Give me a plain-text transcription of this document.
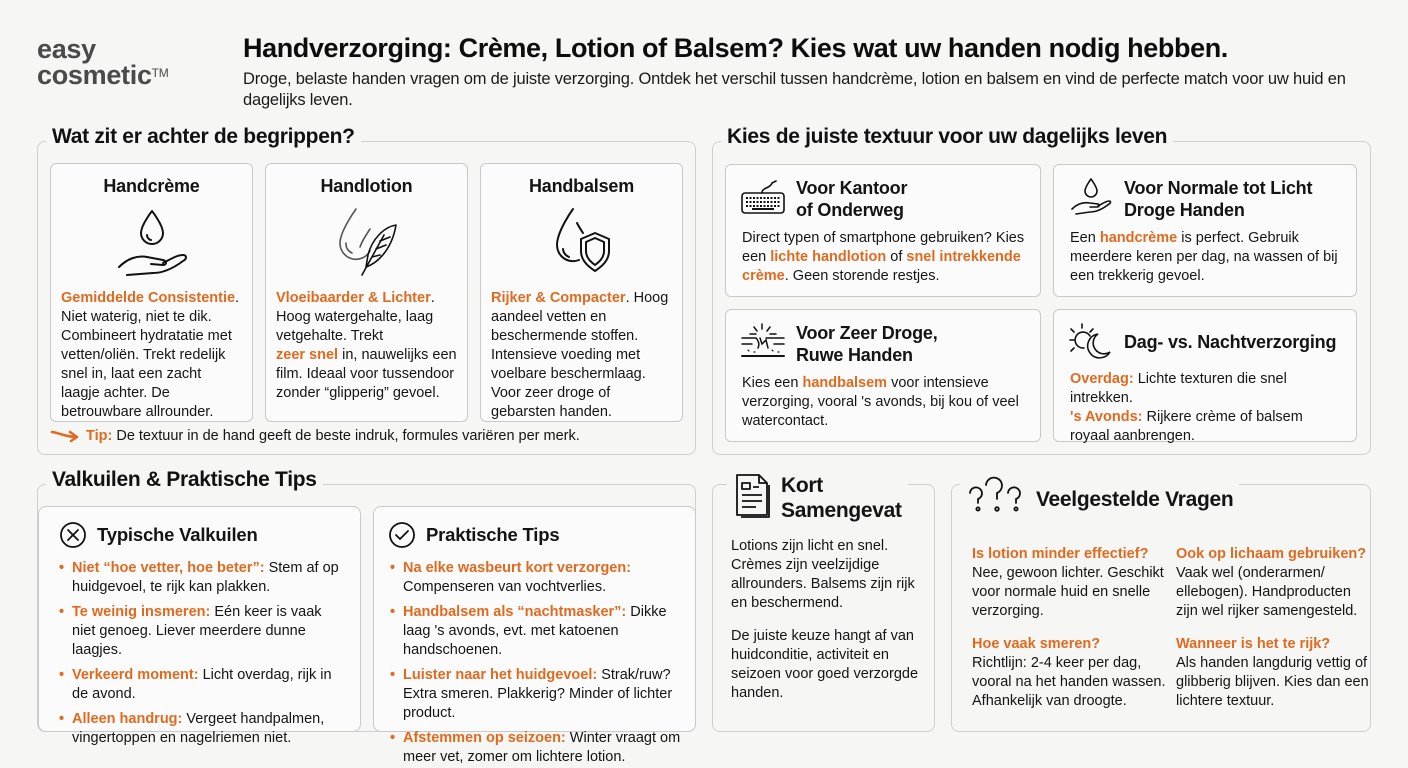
easy
cosmetic™
Handverzorging: Crème, Lotion of Balsem? Kies wat uw handen nodig hebben.
Droge, belaste handen vragen om de juiste verzorging. Ontdek het verschil tussen handcrème, lotion en balsem en vind de perfecte match voor uw huid en dagelijks leven.
Wat zit er achter de begrippen?
Handcrème
Gemiddelde Consistentie. Niet waterig, niet te dik. Combineert hydratatie met vetten/oliën. Trekt redelijk snel in, laat een zacht laagje achter. De betrouwbare allrounder.
Handlotion
Vloeibaarder & Lichter. Hoog watergehalte, laag vetgehalte. Trekt
zeer snel in, nauwelijks een film. Ideaal voor tussendoor zonder “glipperig” gevoel.
Handbalsem
Rijker & Compacter. Hoog aandeel vetten en beschermende stoffen. Intensieve voeding met voelbare beschermlaag. Voor zeer droge of gebarsten handen.
Tip: De textuur in de hand geeft de beste indruk, formules variëren per merk.
Kies de juiste textuur voor uw dagelijks leven
Voor Kantoor
of Onderweg
Direct typen of smartphone gebruiken? Kies een lichte handlotion of snel intrekkende crème. Geen storende restjes.
Voor Normale tot Licht
Droge Handen
Een handcrème is perfect. Gebruik meerdere keren per dag, na wassen of bij een trekkerig gevoel.
Voor Zeer Droge,
Ruwe Handen
Kies een handbalsem voor intensieve verzorging, vooral 's avonds, bij kou of veel watercontact.
Dag- vs. Nachtverzorging
Overdag: Lichte texturen die snel intrekken.
's Avonds: Rijkere crème of balsem royaal aanbrengen.
Valkuilen & Praktische Tips
Typische Valkuilen
• Niet “hoe vetter, hoe beter”: Stem af op huidgevoel, te rijk kan plakken.
• Te weinig insmeren: Eén keer is vaak niet genoeg. Liever meerdere dunne laagjes.
• Verkeerd moment: Licht overdag, rijk in de avond.
• Alleen handrug: Vergeet handpalmen, vingertoppen en nagelriemen niet.
Praktische Tips
• Na elke wasbeurt kort verzorgen: Compenseren van vochtverlies.
• Handbalsem als “nachtmasker”: Dikke laag 's avonds, evt. met katoenen handschoenen.
• Luister naar het huidgevoel: Strak/ruw? Extra smeren. Plakkerig? Minder of lichter product.
• Afstemmen op seizoen: Winter vraagt om meer vet, zomer om lichtere lotion.
Kort
Samengevat

Lotions zijn licht en snel. Crèmes zijn veelzijdige allrounders. Balsems zijn rijk en beschermend.

De juiste keuze hangt af van huidconditie, activiteit en seizoen voor goed verzorgde handen.

Veelgestelde Vragen
Is lotion minder effectief?
Nee, gewoon lichter. Geschikt voor normale huid en snelle verzorging.
Ook op lichaam gebruiken?
Vaak wel (onderarmen/ ellebogen). Handproducten zijn wel rijker samengesteld.
Hoe vaak smeren?
Richtlijn: 2-4 keer per dag, vooral na het handen wassen. Afhankelijk van droogte.
Wanneer is het te rijk?
Als handen langdurig vettig of glibberig blijven. Kies dan een lichtere textuur.
